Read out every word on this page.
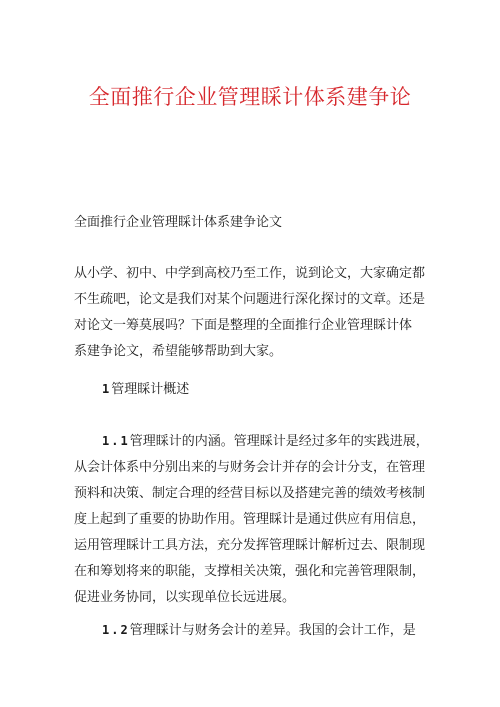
全面推行企业管理睬计体系建争论
全面推行企业管理睬计体系建争论文
从小学、初中、中学到高校乃至工作，说到论文，大家确定都
不生疏吧，论文是我们对某个问题进行深化探讨的文章。还是
对论文一筹莫展吗？下面是整理的全面推行企业管理睬计体
系建争论文，希望能够帮助到大家。
1管理睬计概述
1.1管理睬计的内涵。管理睬计是经过多年的实践进展，
从会计体系中分别出来的与财务会计并存的会计分支，在管理
预料和决策、制定合理的经营目标以及搭建完善的绩效考核制
度上起到了重要的协助作用。管理睬计是通过供应有用信息，
运用管理睬计工具方法，充分发挥管理睬计解析过去、限制现
在和筹划将来的职能，支撑相关决策，强化和完善管理限制，
促进业务协同，以实现单位长远进展。
1.2管理睬计与财务会计的差异。我国的会计工作，是
